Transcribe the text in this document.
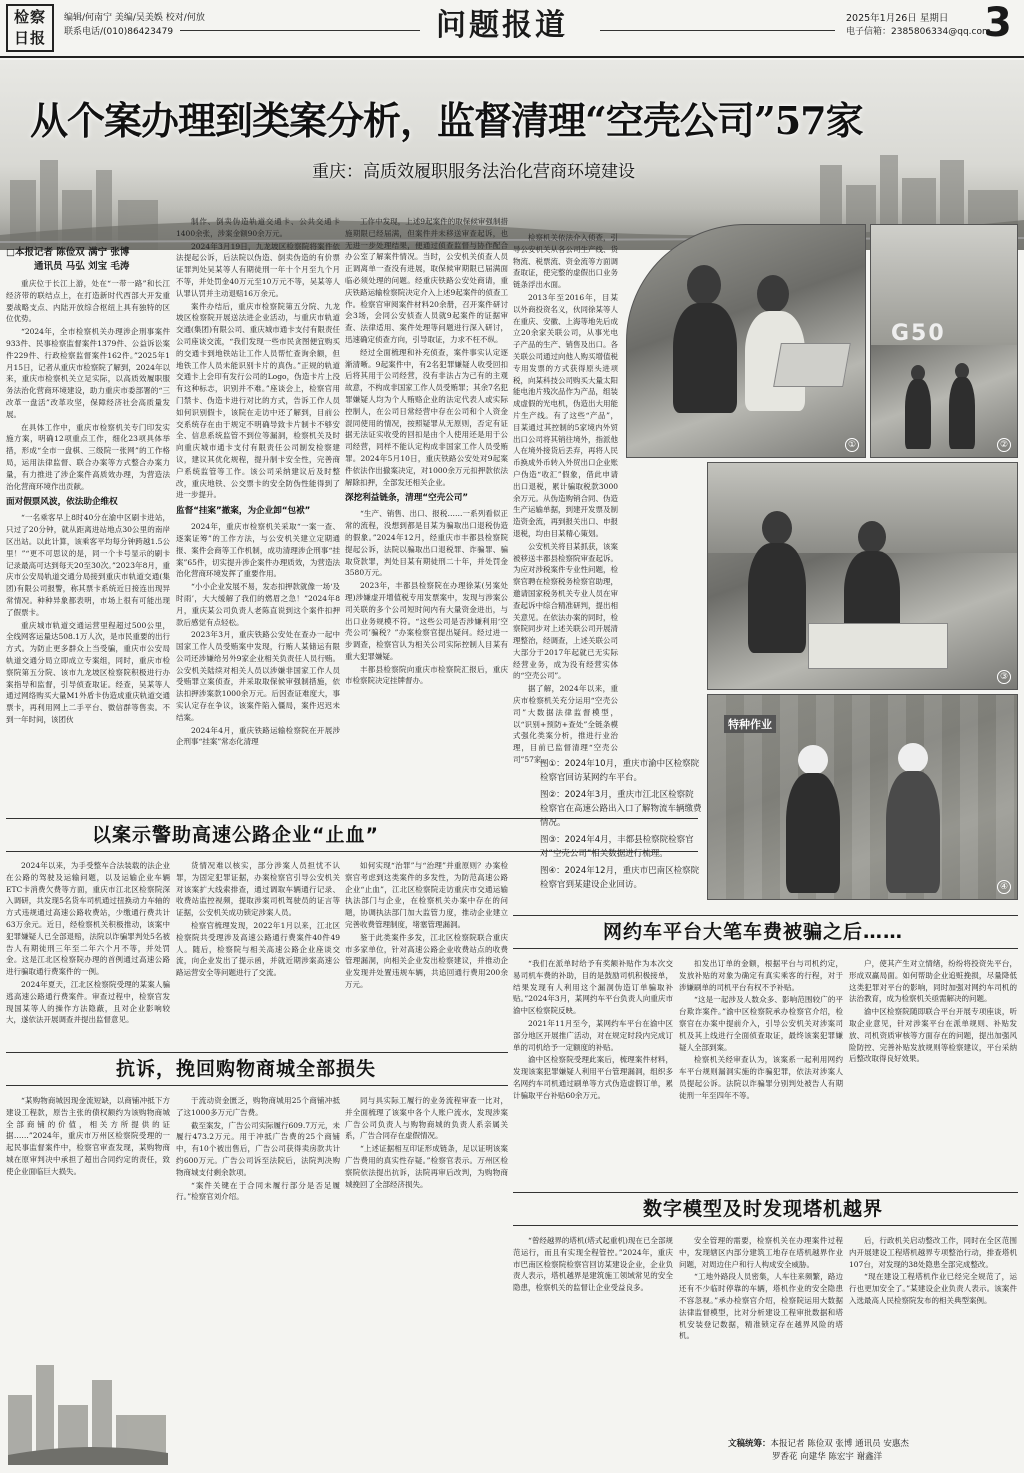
检察日报
编辑/何南宁 美编/吴美娛 校对/何放
联系电话/(010)86423479	问题报道	2025年1月26日 星期日
电子信箱：2385806334@qq.com
3
从个案办理到类案分析，监督清理“空壳公司”57家
重庆：高质效履职服务法治化营商环境建设
□本报记者 陈俭双 满宁 张博
通讯员 马弘 刘宝 毛涛

重庆位于长江上游，处在“一带一路”和长江经济带的联结点上，在打造新时代西部大开发重要战略支点、内陆开放综合枢纽上具有独特的区位优势。

“2024年，全市检察机关办理涉企刑事案件933件、民事检察监督案件1379件、公益诉讼案件229件、行政检察监督案件162件。”2025年1月15日，记者从重庆市检察院了解到，2024年以来，重庆市检察机关立足实际，以高质效履职服务法治化营商环境建设，助力重庆市委部署的“三改革一盘活”改革攻坚，保障经济社会高质量发展。

在具体工作中，重庆市检察机关专门印发实施方案，明确12项重点工作，细化23项具体举措，形成“全市一盘棋、三级院一张网”的工作格局，运用法律监督、联合办案等方式整合办案力量，有力推进了涉企案件高质效办理，为营造法治化营商环境作出贡献。

面对假票风波，依法助企维权

“一名乘客早上8时40分在渝中区刷卡进站，只过了20分钟，就从距离进站地点30公里的南岸区出站。以此计算，该乘客平均每分钟跨越1.5公里！”“更不可思议的是，同一个卡号显示的刷卡记录最高可达到每天20至30次。”2023年8月，重庆市公安局轨道交通分局接到重庆市轨道交通(集团)有限公司报警，称其票卡系统近日接连出现异常情况。种种异象都表明，市场上很有可能出现了假票卡。

重庆城市轨道交通运营里程超过500公里，全线网客运量达508.1万人次，是市民重要的出行方式。为防止更多群众上当受骗，重庆市公安局轨道交通分局立即成立专案组，同时，重庆市检察院第五分院、该市九龙坡区检察院积极进行办案指导和监督，引导侦查取证。经查，吴某等人通过网络购买大量M1外盾卡伪造成重庆轨道交通票卡，再利用网上二手平台、微信群等售卖。不到一年时间，该团伙

制作、倒卖伪造轨道交通卡、公共交通卡1400余张，涉案金额90余万元。

2024年3月19日，九龙坡区检察院将案件依法提起公诉，后法院以伪造、倒卖伪造的有价票证罪判处吴某等人有期徒刑一年十个月至九个月不等，并处罚金40万元至10万元不等，吴某等人认罪认罚并主动退赔16万余元。

案件办结后，重庆市检察院第五分院、九龙坡区检察院开展送法进企业活动，与重庆市轨道交通(集团)有限公司、重庆城市通卡支付有限责任公司座谈交流，“我们发现一些市民贪图便宜购买的交通卡到地铁站让工作人员帮忙查询余额，但地铁工作人员未能识别卡片的真伪。”正规的轨道交通卡上会印有发行公司的Logo，伪造卡片上没有这种标志，识别并不难。”座谈会上，检察官用门禁卡、伪造卡进行对比的方式，告诉工作人员如何识别假卡，该院在走访中还了解到，目前公交系统存在由于规定不明确导致卡片制卡不够安全、信息系统监管不到位等漏洞，检察机关及时向重庆城市通卡支付有限责任公司制发检察建议，建议其优化规程，提升制卡安全性，完善商户系统监管等工作。该公司采纳建议后及时整改，重庆地铁、公交票卡的安全防伪性能得到了进一步提升。

监督“挂案”撤案，为企业卸“包袱”

2024年，重庆市检察机关采取“一案一查、逐案证筹”的工作方法，与公安机关建立定期通报、案件会商等工作机制，成功清理涉企刑事“挂案”65件，切实提升涉企案件办理质效，为营造法治化营商环境发挥了重要作用。

“小小企业发展不易，发态扣押款就像一场‘及时雨’，大大缓解了我们的燃眉之急！”2024年8月，重庆某公司负责人老陈直说到这个案件扣押款后感觉有点轻松。

2023年3月，重庆铁路公安处在查办一起中国家工作人员受贿案中发现，行贿人某储运有限公司还涉嫌给另外9家企业相关负责任人员行贿。公安机关陆续对相关人员以涉嫌非国家工作人员受贿罪立案侦查，并采取取保候审强制措施，依法扣押涉案款1000余万元。后因查证难度大，事实认定存在争议，该案件陷入僵局，案件迟迟未结案。

2024年4月，重庆铁路运输检察院在开展涉企刑事“挂案”常态化清理

工作中发现，上述9起案件的取保候审强制措施期限已经届满，但案件并未移送审查起诉，也无进一步处理结果，便通过侦查监督与协作配合办公室了解案件情况。当时，公安机关侦查人员正调离单一查没有进展，取保候审期限已届满面临必须处理的问题。经重庆铁路公安处商请，重庆铁路运输检察院决定介入上述9起案件的侦查工作。检察官审阅案件材料20余册，召开案件研讨会3场，会同公安侦查人员就9起案件的证据审查、法律适用、案件处理等问题进行深入研讨，迅速确定侦查方向，引导取证，力求不枉不纵。

经过全面梳理和补充侦查，案件事实认定逐渐清晰。9起案件中，有2名犯罪嫌疑人收受回扣后将其用于公司经营，没有非法占为己有的主观故意，不构成非国家工作人员受贿罪；其余7名犯罪嫌疑人均为个人贿赂企业的法定代表人或实际控制人，在公司日常经营中存在公司和个人资金混同使用的情况，按照疑罪从无原则，否定有证据无法证实收受的回扣是由个人使用还是用于公司经营，同样不能认定构成非国家工作人员受贿罪。2024年5月10日，重庆铁路公安处对9起案件依法作出撤案决定，对1000余万元扣押款依法解除扣押，全部发还相关企业。

深挖利益链条，清理“空壳公司”

“生产、销售、出口、报税……一系列看似正常的流程，没想到都是目某为骗取出口退税伪造的假象。”2024年12月，经重庆市丰都县检察院提起公诉，法院以骗取出口退税罪、诈骗罪、骗取贷款罪，判处目某有期徒刑二十年，并处罚金3580万元。

2023年，丰都县检察院在办理徐某(另案处理)涉嫌虚开增值税专用发票案中，发现与涉案公司关联的多个公司短时间内有大量资金进出，与出口业务规模不符。“这些公司是否涉嫌利用‘空壳公司’骗税？”办案检察官提出疑问。经过进一步调查，检察官认为相关公司实际控制人目某有重大犯罪嫌疑。

丰都县检察院向重庆市检察院汇报后，重庆市检察院决定挂牌督办。

检察机关依法介入侦查，引导公安机关从各公司生产线、货物流、税票流、资金流等方面调查取证，使完整的虚假出口业务链条浮出水面。

2013年至2016年，目某以外商投资名义，伙同徐某等人在重庆、安徽、上海等地先后成立20余家关联公司，从事光电子产品的生产、销售及出口。各关联公司通过向他人购买增值税专用发票的方式获得原头进项税，向某科技公司购买大量太阳能电池片残次品作为产品，组装成虚假的光电机，伪造出大用能片生产线。有了这些“产品”，目某通过其控制的5家境内外贸出口公司将其销往境外，指派他人在境外接货后丢弃，再将人民币换成外币转入外贸出口企业账户伪造“收汇”假象，借此申请出口退税，累计骗取税款3000余万元。从伪造购销合同、伪造生产运输单据，到建开发票及制造资金流，再到报关出口、申报退税，均由目某精心策划。

公安机关将目某抓获，该案被移送丰都县检察院审查起诉。为应对涉税案件专业性问题，检察官聘在检察税务检察官助理，邀请国家税务机关专业人员在审查起诉中综合精准研判，提出相关意见。在依法办案的同时，检察院同步对上述关联公司开展清理整治，经调查，上述关联公司大部分于2017年起就已无实际经营业务，成为没有经营实体的“空壳公司”。

据了解，2024年以来，重庆市检察机关充分运用“空壳公司”大数据法律监督模型，以“识别+预防+查处”全链条模式强化类案分析，推进行业治理，目前已监督清理“空壳公司”57家。

①
G50
②
③
特种作业
④
图①：2024年10月，重庆市渝中区检察院检察官回访某网约车平台。
图②：2024年3月，重庆市江北区检察院检察官在高速公路出入口了解物流车辆缴费情况。
图③：2024年4月，丰都县检察院检察官对“空壳公司”相关数据进行梳理。
图④：2024年12月，重庆市巴南区检察院检察官到某建设企业回访。
以案示警助高速公路企业“止血”

2024年以来，为手受整车合法装载的法企业在公路的驾驶及运输问题，以及运输企业车辆ETC卡消费欠费等方面，重庆市江北区检察院深入调研，共发现5名货车司机通过扭换动力车轴的方式违规通过高速公路收费站，少缴通行费共计63万余元。近日，经检察机关积极推动，该案中犯罪嫌疑人已全部退赔，法院以诈骗罪判处5名被告人有期徒刑三年至二年六个月不等，并处罚金。这是江北区检察院办理的首例通过高速公路进行骗取通行费案件的一例。

2024年夏天，江北区检察院受理的某案人骗逃高速公路通行费案件。审查过程中，检察官发现国某等人的操作方法隐蔽，且对企业影响较大，遂依法开展调查并提出监督意见。

货情况难以核实，部分涉案人员担忧不认罪，为固定犯罪证据，办案检察官引导公安机关对该案扩大线索排查，通过调取车辆通行记录、收费站监控视频，提取涉案司机驾驶员的证言等证据，公安机关成功锁定涉案人员。

检察官梳理发现，2022年1月以来，江北区检察院共受理涉及高速公路通行费案件40件49人。随后，检察院与相关高速公路企业座谈交流，向企业发出了提示函，并就近期涉案高速公路运营安全等问题进行了交流。

如何实现“治罪”与“治理”并重原则？办案检察官考虑到这类案件的多发性，为防范高速公路企业“止血”，江北区检察院走访重庆市交通运输执法部门与企业，在检察机关办案中存在的问题，协调执法部门加大监管力度，推动企业建立完善收费管理制度，堵塞管理漏洞。

鉴于此类案件多发，江北区检察院联合重庆市多家单位，针对高速公路企业收费站点的收费管理漏洞，向相关企业发出检察建议，并推动企业发现并处置违规车辆，共追回通行费用200余万元。

网约车平台大笔车费被骗之后……

“我们在派单时给予有奖额补贴作为本次交易司机车费的补助，目的是鼓励司机积极接单，结果发现有人利用这个漏洞伪造订单骗取补贴。”2024年3月，某网约车平台负责人向重庆市渝中区检察院反映。

2021年11月至今，某网约车平台在渝中区部分地区开展推广活动，对在规定时段内完成订单的司机给予一定额度的补贴。

渝中区检察院受理此案后，梳理案件材料，发现该案犯罪嫌疑人利用平台管理漏洞，组织多名网约车司机通过刷单等方式伪造虚假订单，累计骗取平台补贴60余万元。

扣发出订单的金额，根据平台与司机约定，发放补贴的对象为确定有真实乘客的行程，对于涉嫌刷单的司机平台有权不予补贴。

“这是一起涉及人数众多、影响范围较广的平台欺诈案件。”渝中区检察院承办检察官介绍，检察官在办案中提前介入，引导公安机关对涉案司机及其上线进行全面侦查取证，最终该案犯罪嫌疑人全部到案。

检察机关经审查认为，该案系一起利用网约车平台规则漏洞实施的诈骗犯罪，依法对涉案人员提起公诉。法院以诈骗罪分别判处被告人有期徒刑一年至四年不等。

户，使其产生对立情绪，纷纷将投资先平台，形成双赢局面。如何帮助企业追赃挽损，尽量降低这类犯罪对平台的影响，同时加强对网约车司机的法治教育，成为检察机关亟需解决的问题。

渝中区检察院随即联合平台开展专项座谈，听取企业意见，针对涉案平台在派单规则、补贴发放、司机资质审核等方面存在的问题，提出加强风险防控、完善补贴发放规则等检察建议，平台采纳后整改取得良好效果。

抗诉，挽回购物商城全部损失

“某购物商城因现金流短缺，以商铺冲抵下方建设工程款，原告主张的债权额约为该购物商城全部商铺的价值，相关方所提供的证据……”2024年，重庆市万州区检察院受理的一起民事监督案件中，检察官审查发现，某购物商城在原审判决中承担了超出合同约定的责任，致使企业面临巨大损失。

于流动资金匮乏，购物商城用25个商铺冲抵了这1000多万元广告费。

截至案发，广告公司实际履行609.7万元，未履行473.2万元。用于冲抵广告费的25个商铺中，有10个被出售后，广告公司获得卖房款共计约600万元。广告公司诉至法院后，法院判决购物商城支付剩余款项。

“案件关键在于合同未履行部分是否足履行。”检察官刘介绍。

同与具实际工履行的业务流程审查一比对，并全面梳理了该案中各个人账户流水，发现涉案广告公司负责人与购物商城的负责人系亲属关系，广告合同存在虚假情况。

“上述证据相互印证形成链条，足以证明该案广告费用的真实性存疑。”检察官表示。万州区检察院依法提出抗诉，法院再审后改判，为购物商城挽回了全部经济损失。

数字模型及时发现塔机越界

“曾经越界的塔机(塔式起重机)现在已全部规范运行，而且有实现全程管控。”2024年，重庆市巴南区检察院检察官回访某建设企业，企业负责人表示，塔机越界是建筑施工领域常见的安全隐患，检察机关的监督让企业受益良多。

安全管理的需要，检察机关在办理案件过程中，发现辖区内部分建筑工地存在塔机越界作业问题，对周边住户和行人构成安全威胁。

“工地外路段人员密集，人车往来频繁，路边还有不少临时停靠的车辆，塔机作业的安全隐患不容忽视。”承办检察官介绍，检察院运用大数据法律监督模型，比对分析建设工程审批数据和塔机安装登记数据，精准锁定存在越界风险的塔机。

后，行政机关启动整改工作，同时在全区范围内开展建设工程塔机越界专项整治行动，排查塔机107台，对发现的38处隐患全部完成整改。

“现在建设工程塔机作业已经完全规范了，运行也更加安全了。”某建设企业负责人表示。该案件入选最高人民检察院发布的相关典型案例。

文稿统筹：本报记者 陈俭双 张博 通讯员 安惠杰
罗香花 向建华 陈宏宇 谢鑫洋
